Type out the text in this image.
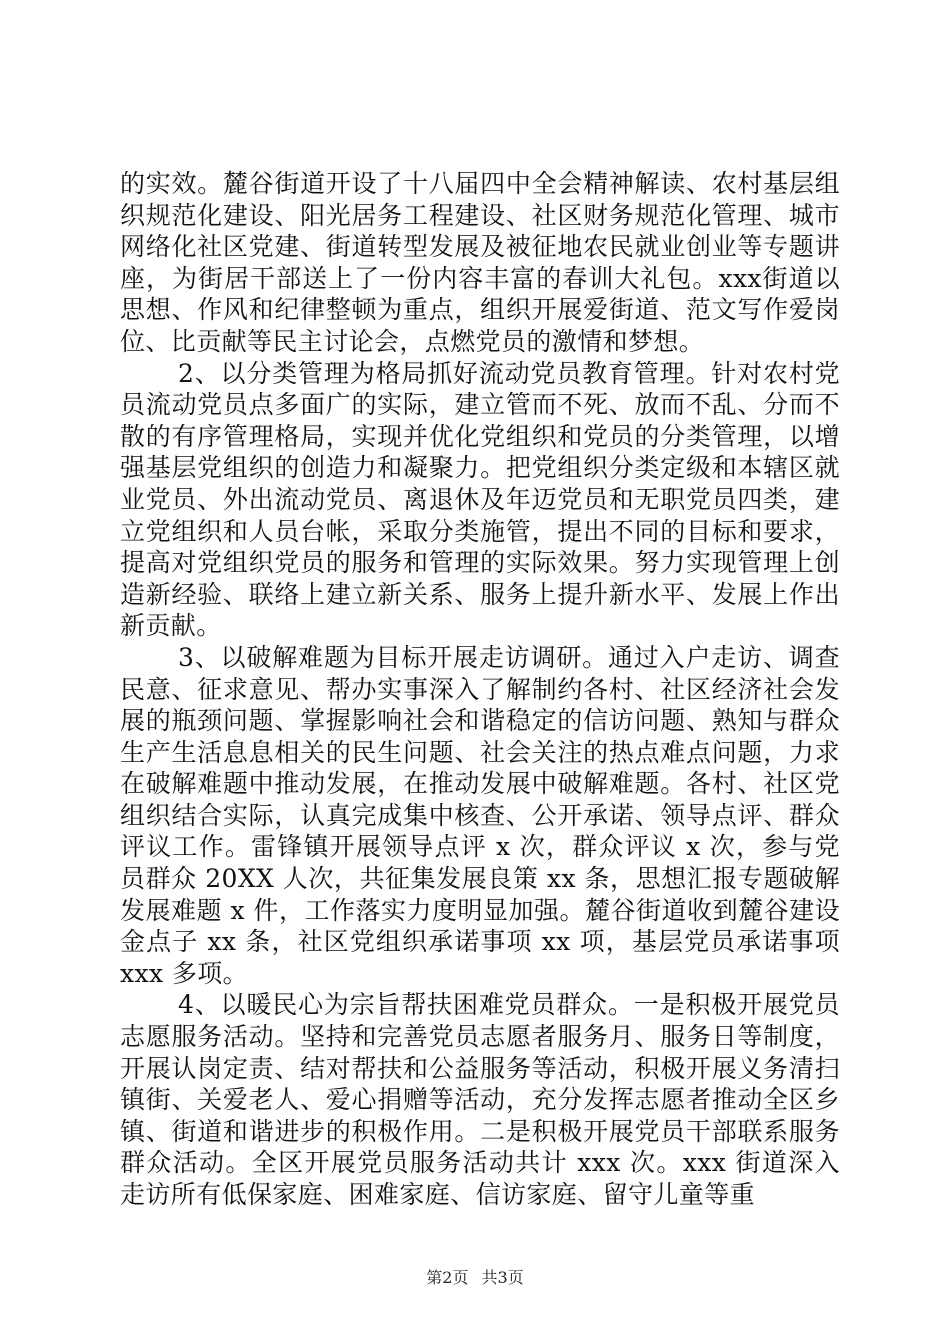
的实效。麓谷街道开设了十八届四中全会精神解读、农村基层组织规范化建设、阳光居务工程建设、社区财务规范化管理、城市网络化社区党建、街道转型发展及被征地农民就业创业等专题讲座，为街居干部送上了一份内容丰富的春训大礼包。xxx街道以思想、作风和纪律整顿为重点，组织开展爱街道、范文写作爱岗位、比贡献等民主讨论会，点燃党员的激情和梦想。

2、以分类管理为格局抓好流动党员教育管理。针对农村党员流动党员点多面广的实际，建立管而不死、放而不乱、分而不散的有序管理格局，实现并优化党组织和党员的分类管理，以增强基层党组织的创造力和凝聚力。把党组织分类定级和本辖区就业党员、外出流动党员、离退休及年迈党员和无职党员四类，建立党组织和人员台帐，采取分类施管，提出不同的目标和要求，提高对党组织党员的服务和管理的实际效果。努力实现管理上创造新经验、联络上建立新关系、服务上提升新水平、发展上作出新贡献。

3、以破解难题为目标开展走访调研。通过入户走访、调查民意、征求意见、帮办实事深入了解制约各村、社区经济社会发展的瓶颈问题、掌握影响社会和谐稳定的信访问题、熟知与群众生产生活息息相关的民生问题、社会关注的热点难点问题，力求在破解难题中推动发展，在推动发展中破解难题。各村、社区党组织结合实际，认真完成集中核查、公开承诺、领导点评、群众评议工作。雷锋镇开展领导点评 x 次，群众评议 x 次，参与党员群众 20XX 人次，共征集发展良策 xx 条，思想汇报专题破解发展难题 x 件，工作落实力度明显加强。麓谷街道收到麓谷建设金点子 xx 条，社区党组织承诺事项 xx 项，基层党员承诺事项 xxx 多项。

4、以暖民心为宗旨帮扶困难党员群众。一是积极开展党员志愿服务活动。坚持和完善党员志愿者服务月、服务日等制度，开展认岗定责、结对帮扶和公益服务等活动，积极开展义务清扫镇街、关爱老人、爱心捐赠等活动，充分发挥志愿者推动全区乡镇、街道和谐进步的积极作用。二是积极开展党员干部联系服务群众活动。全区开展党员服务活动共计 xxx 次。xxx 街道深入走访所有低保家庭、困难家庭、信访家庭、留守儿童等重

第2页 共3页
